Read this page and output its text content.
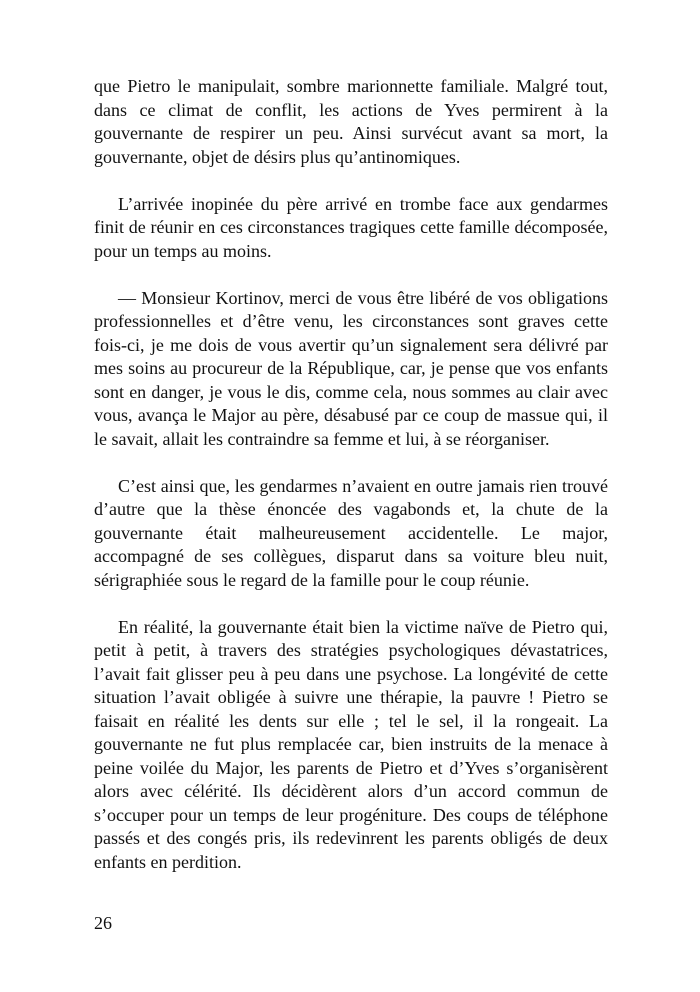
que Pietro le manipulait, sombre marionnette familiale. Malgré tout,
dans ce climat de conflit, les actions de Yves permirent à la
gouvernante de respirer un peu. Ainsi survécut avant sa mort, la
gouvernante, objet de désirs plus qu’antinomiques.
L’arrivée inopinée du père arrivé en trombe face aux gendarmes
finit de réunir en ces circonstances tragiques cette famille décomposée,
pour un temps au moins.
— Monsieur Kortinov, merci de vous être libéré de vos obligations
professionnelles et d’être venu, les circonstances sont graves cette
fois-ci, je me dois de vous avertir qu’un signalement sera délivré par
mes soins au procureur de la République, car, je pense que vos enfants
sont en danger, je vous le dis, comme cela, nous sommes au clair avec
vous, avança le Major au père, désabusé par ce coup de massue qui, il
le savait, allait les contraindre sa femme et lui, à se réorganiser.
C’est ainsi que, les gendarmes n’avaient en outre jamais rien trouvé
d’autre que la thèse énoncée des vagabonds et, la chute de la
gouvernante était malheureusement accidentelle. Le major,
accompagné de ses collègues, disparut dans sa voiture bleu nuit,
sérigraphiée sous le regard de la famille pour le coup réunie.
En réalité, la gouvernante était bien la victime naïve de Pietro qui,
petit à petit, à travers des stratégies psychologiques dévastatrices,
l’avait fait glisser peu à peu dans une psychose. La longévité de cette
situation l’avait obligée à suivre une thérapie, la pauvre ! Pietro se
faisait en réalité les dents sur elle ; tel le sel, il la rongeait. La
gouvernante ne fut plus remplacée car, bien instruits de la menace à
peine voilée du Major, les parents de Pietro et d’Yves s’organisèrent
alors avec célérité. Ils décidèrent alors d’un accord commun de
s’occuper pour un temps de leur progéniture. Des coups de téléphone
passés et des congés pris, ils redevinrent les parents obligés de deux
enfants en perdition.
26
